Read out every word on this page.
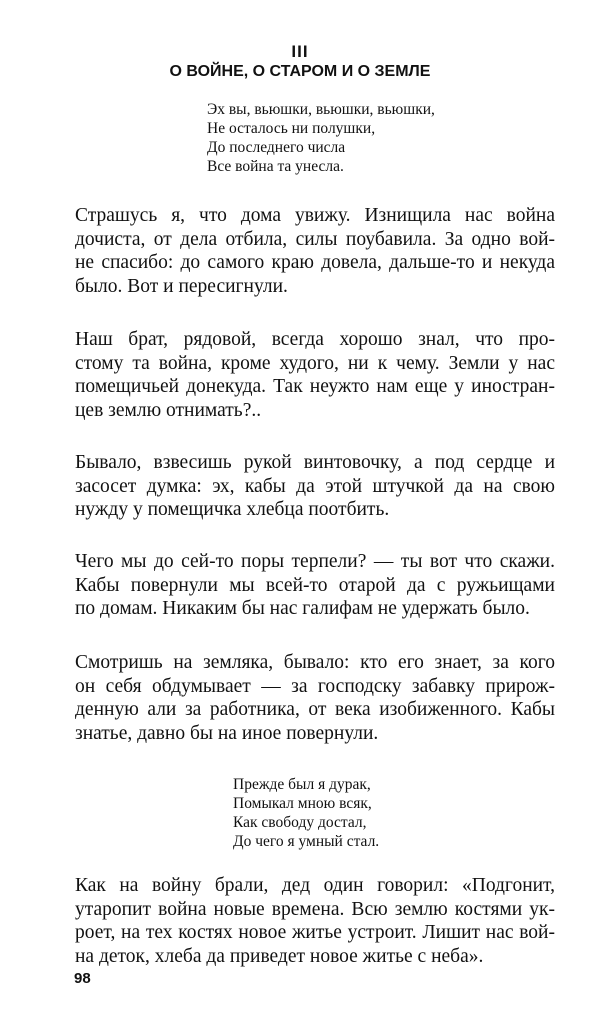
III
О ВОЙНЕ, О СТАРОМ И О ЗЕМЛЕ
Эх вы, вьюшки, вьюшки, вьюшки,
Не осталось ни полушки,
До последнего числа
Все война та унесла.
Страшусь я, что дома увижу. Изнищила нас война
дочиста, от дела отбила, силы поубавила. За одно вой-
не спасибо: до самого краю довела, дальше-то и некуда
было. Вот и пересигнули.
Наш брат, рядовой, всегда хорошо знал, что про-
стому та война, кроме худого, ни к чему. Земли у нас
помещичьей донекуда. Так неужто нам еще у иностран-
цев землю отнимать?..
Бывало, взвесишь рукой винтовочку, а под сердце и
засосет думка: эх, кабы да этой штучкой да на свою
нужду у помещичка хлебца поотбить.
Чего мы до сей-то поры терпели? — ты вот что скажи.
Кабы повернули мы всей-то отарой да с ружьищами
по домам. Никаким бы нас галифам не удержать было.
Смотришь на земляка, бывало: кто его знает, за кого
он себя обдумывает — за господску забавку прирож-
денную али за работника, от века изобиженного. Кабы
знатье, давно бы на иное повернули.
Прежде был я дурак,
Помыкал мною всяк,
Как свободу достал,
До чего я умный стал.
Как на войну брали, дед один говорил: «Подгонит,
утаропит война новые времена. Всю землю костями ук-
роет, на тех костях новое житье устроит. Лишит нас вой-
на деток, хлеба да приведет новое житье с неба».
98
